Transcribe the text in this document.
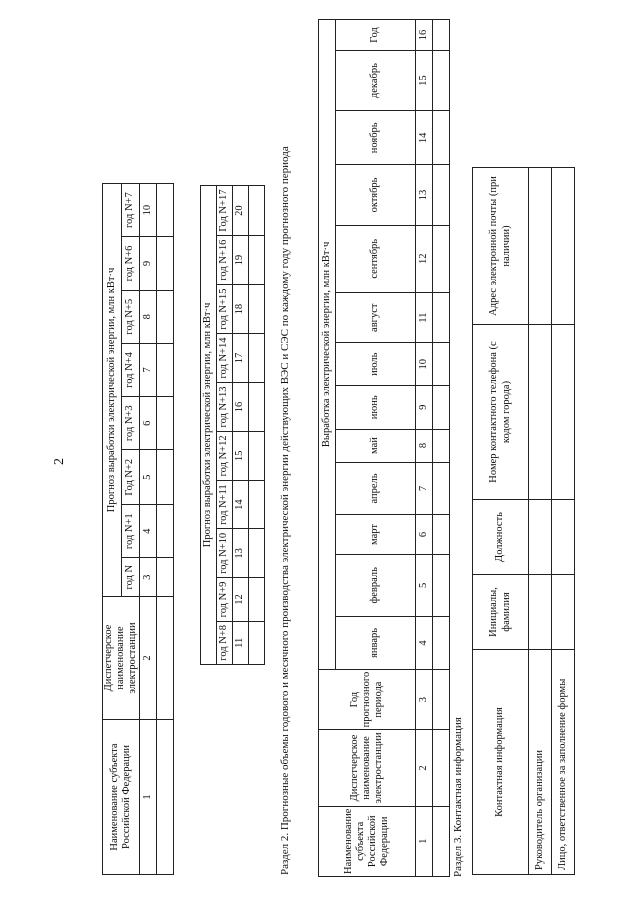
2
Наименование субъекта Российской Федерации	Диспетчерское наименование электростанции	Прогноз выработки электрической энергии, млн кВт·ч							
		год N	год N+1	Год N+2	год N+3	год N+4	год N+5	год N+6	год N+7
1	2	3	4	5	6	7	8	9	10

Прогноз выработки электрической энергии, млн кВт·ч									
год N+8	год N+9	год N+10	год N+11	год N+12	год N+13	год N+14	год N+15	год N+16	Год N+17
11	12	13	14	15	16	17	18	19	20
										Раздел 2. Прогнозные объемы годового и месячного производства электрической энергии действующих ВЭС и СЭС по каждому году прогнозного периода	Наименование субъекта Российской Федерации	Диспетчерское наименование электростанции	Год прогнозного периода	Выработка электрической энергии, млн кВт·ч												
			январь	февраль	март	апрель	май	июнь	июль	август	сентябрь	октябрь	ноябрь	декабрь	Год
1	2	3	4	5	6	7	8	9	10	11	12	13	14	15	16

Раздел 3. Контактная информация	Контактная информация	Инициалы, фамилия	Должность	Номер контактного телефона (с кодом города)	Адрес электронной почты (при наличии)
Руководитель организации				
Лицо, ответственное за заполнение формы				
